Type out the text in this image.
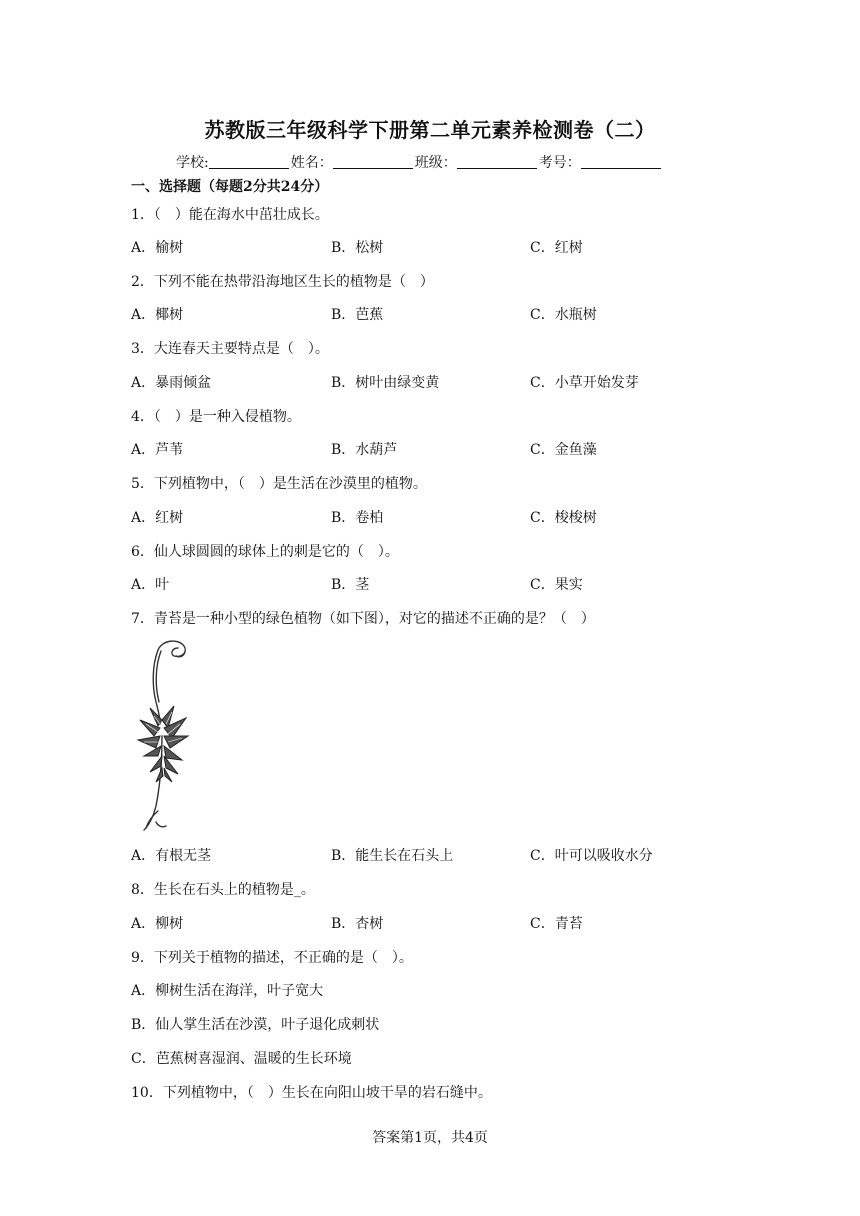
苏教版三年级科学下册第二单元素养检测卷（二）
学校:	姓名：	班级：	考号：
一、选择题（每题2分共24分）
1．（　）能在海水中茁壮成长。
A．榆树	B．松树	C．红树
2．下列不能在热带沿海地区生长的植物是（　）
A．椰树	B．芭蕉	C．水瓶树
3．大连春天主要特点是（　）。
A．暴雨倾盆	B．树叶由绿变黄	C．小草开始发芽
4．（　）是一种入侵植物。
A．芦苇	B．水葫芦	C．金鱼藻
5．下列植物中，（　）是生活在沙漠里的植物。
A．红树	B．卷柏	C．梭梭树
6．仙人球圆圆的球体上的刺是它的（　）。
A．叶	B．茎	C．果实
7．青苔是一种小型的绿色植物（如下图），对它的描述不正确的是？（　）
A．有根无茎	B．能生长在石头上	C．叶可以吸收水分
8．生长在石头上的植物是_。
A．柳树	B．杏树	C．青苔
9．下列关于植物的描述，不正确的是（　）。
A．柳树生活在海洋，叶子宽大
B．仙人掌生活在沙漠，叶子退化成刺状
C．芭蕉树喜湿润、温暖的生长环境
10．下列植物中，（　）生长在向阳山坡干旱的岩石缝中。
答案第1页，共4页
